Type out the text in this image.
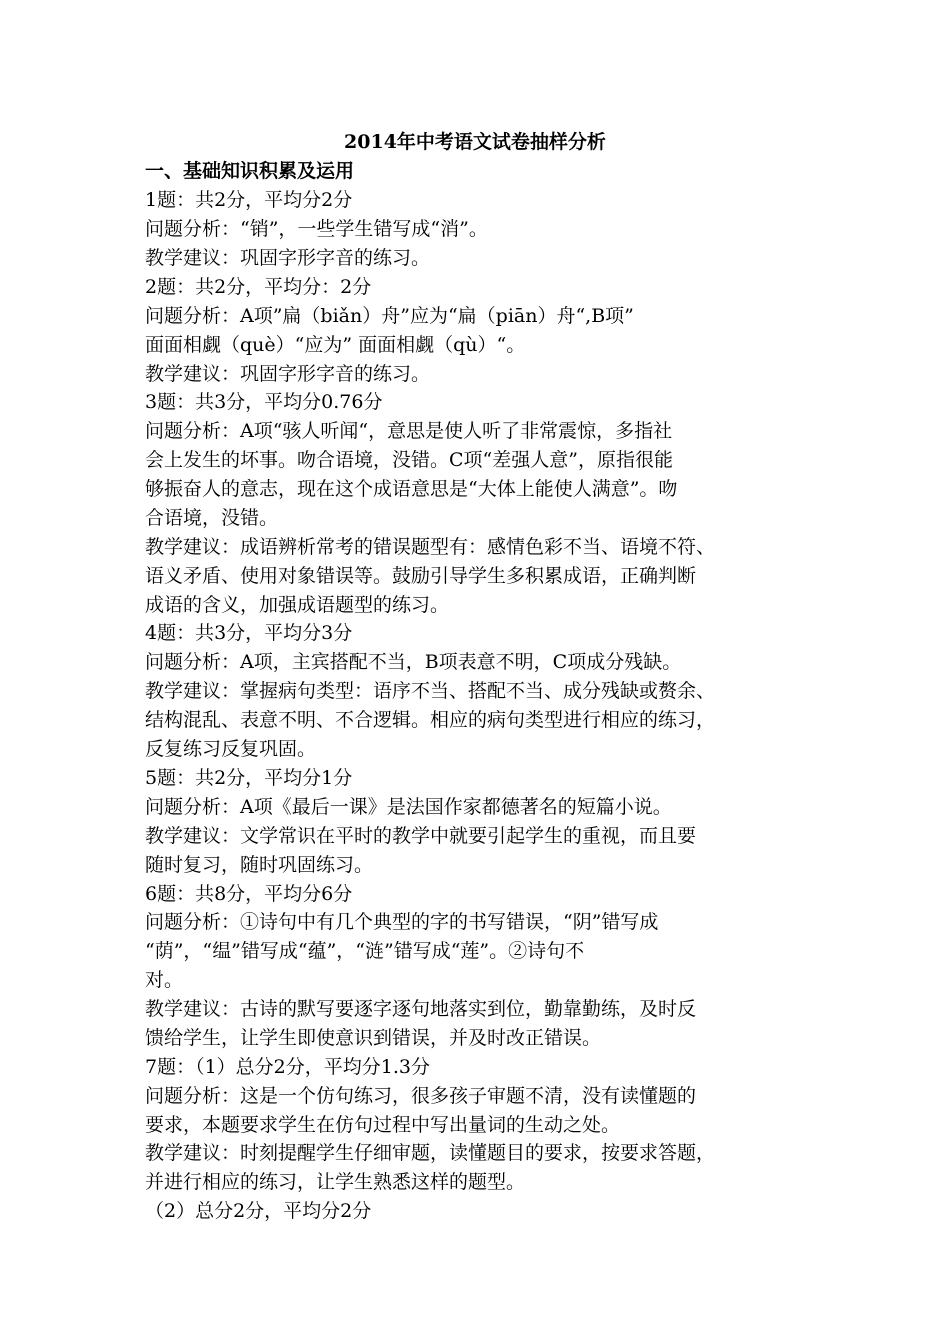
2014年中考语文试卷抽样分析
一、基础知识积累及运用
1题：共2分，平均分2分
问题分析：“销”，一些学生错写成“消”。
教学建议：巩固字形字音的练习。
2题：共2分，平均分：2分
问题分析：A项”扁（biǎn）舟”应为“扁（piān）舟“,B项”
面面相觑（què）“应为” 面面相觑（qù）“。
教学建议：巩固字形字音的练习。
3题：共3分，平均分0.76分
问题分析：A项“骇人听闻“，意思是使人听了非常震惊，多指社
会上发生的坏事。吻合语境，没错。C项“差强人意”，原指很能
够振奋人的意志，现在这个成语意思是“大体上能使人满意”。吻
合语境，没错。
教学建议：成语辨析常考的错误题型有：感情色彩不当、语境不符、
语义矛盾、使用对象错误等。鼓励引导学生多积累成语，正确判断
成语的含义，加强成语题型的练习。
4题：共3分，平均分3分
问题分析：A项，主宾搭配不当，B项表意不明，C项成分残缺。
教学建议：掌握病句类型：语序不当、搭配不当、成分残缺或赘余、
结构混乱、表意不明、不合逻辑。相应的病句类型进行相应的练习，
反复练习反复巩固。
5题：共2分，平均分1分
问题分析：A项《最后一课》是法国作家都德著名的短篇小说。
教学建议：文学常识在平时的教学中就要引起学生的重视，而且要
随时复习，随时巩固练习。
6题：共8分，平均分6分
问题分析：①诗句中有几个典型的字的书写错误，“阴”错写成
“荫”，“缊”错写成“蕴”，“涟”错写成“莲”。②诗句不
对。
教学建议：古诗的默写要逐字逐句地落实到位，勤靠勤练，及时反
馈给学生，让学生即使意识到错误，并及时改正错误。
7题：（1）总分2分，平均分1.3分
问题分析：这是一个仿句练习，很多孩子审题不清，没有读懂题的
要求，本题要求学生在仿句过程中写出量词的生动之处。
教学建议：时刻提醒学生仔细审题，读懂题目的要求，按要求答题，
并进行相应的练习，让学生熟悉这样的题型。
（2）总分2分，平均分2分
